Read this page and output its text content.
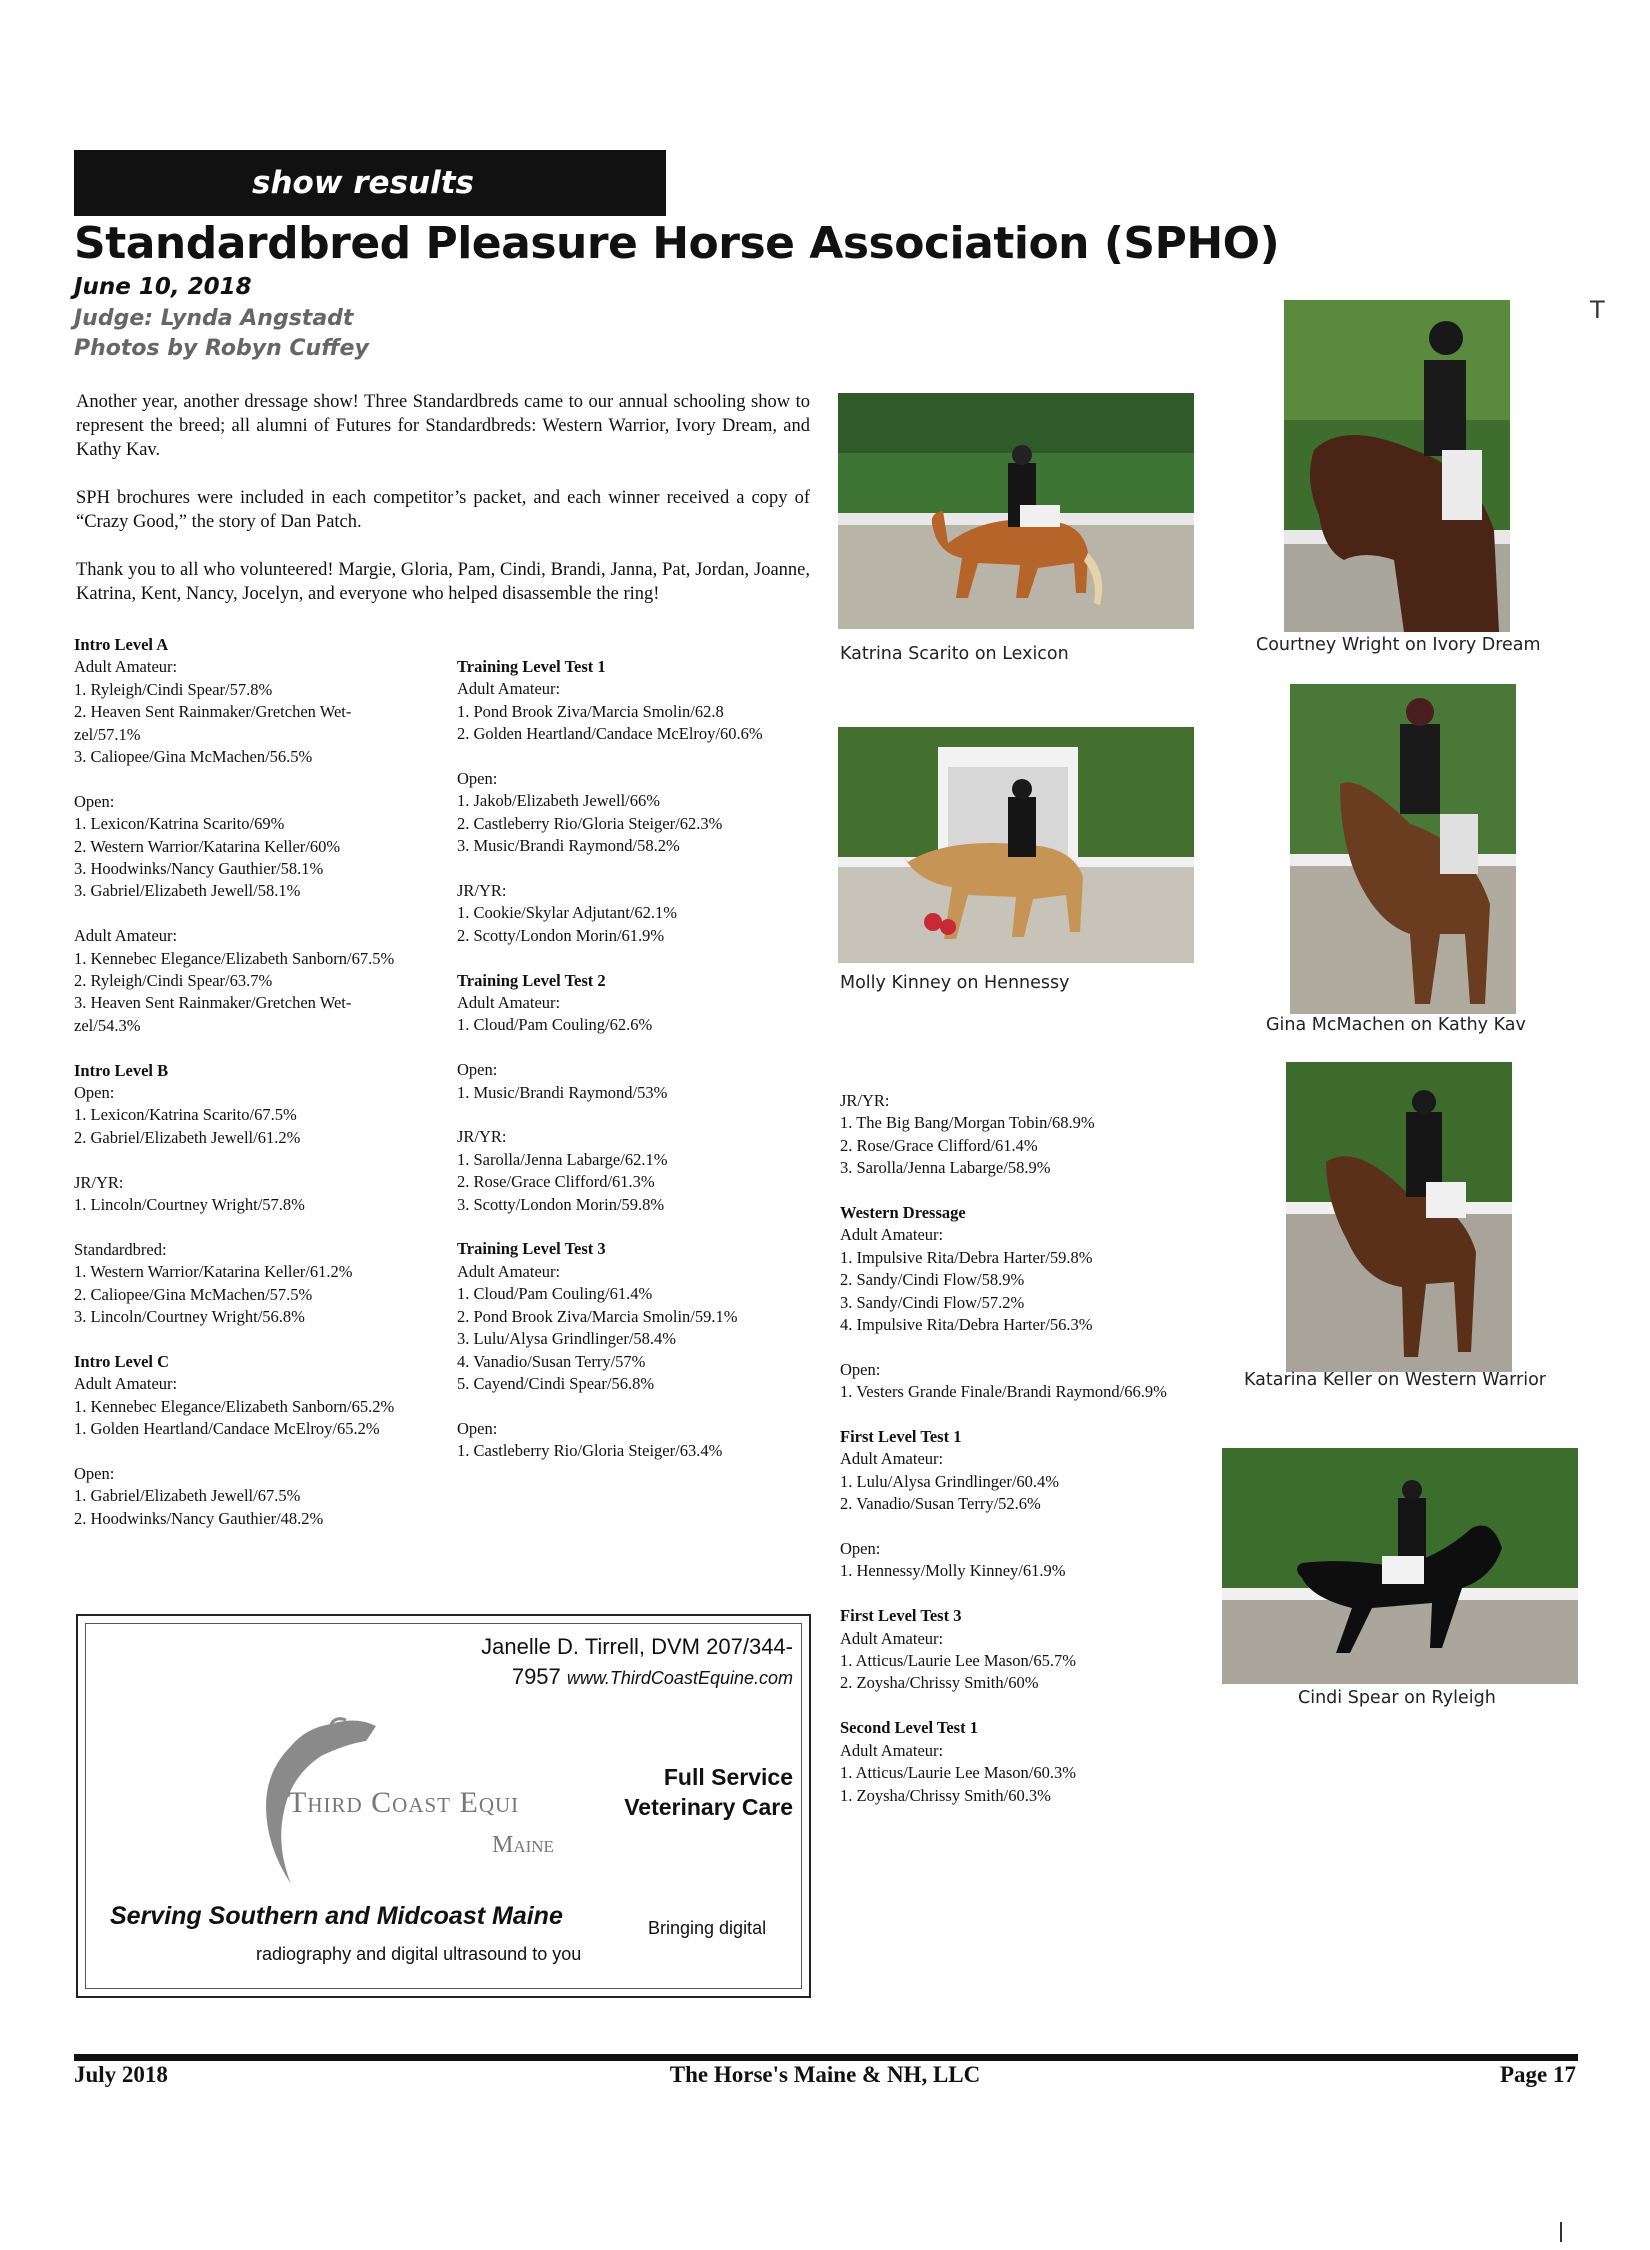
show results
Standardbred Pleasure Horse Association (SPHO)
June 10, 2018
Judge: Lynda Angstadt
Photos by Robyn Cuffey
T

Another year, another dressage show! Three Standardbreds came to our annual schooling show to represent the breed; all alumni of Futures for Standardbreds: Western Warrior, Ivory Dream, and Kathy Kav.

SPH brochures were included in each competitor’s packet, and each winner received a copy of “Crazy Good,” the story of Dan Patch.

Thank you to all who volunteered! Margie, Gloria, Pam, Cindi, Brandi, Janna, Pat, Jordan, Joanne, Katrina, Kent, Nancy, Jocelyn, and everyone who helped disassemble the ring!

Intro Level A
Adult Amateur:
1. Ryleigh/Cindi Spear/57.8%
2. Heaven Sent Rainmaker/Gretchen Wet-
zel/57.1%
3. Caliopee/Gina McMachen/56.5%
Open:
1. Lexicon/Katrina Scarito/69%
2. Western Warrior/Katarina Keller/60%
3. Hoodwinks/Nancy Gauthier/58.1%
3. Gabriel/Elizabeth Jewell/58.1%
Adult Amateur:
1. Kennebec Elegance/Elizabeth Sanborn/67.5%
2. Ryleigh/Cindi Spear/63.7%
3. Heaven Sent Rainmaker/Gretchen Wet-
zel/54.3%
Intro Level B
Open:
1. Lexicon/Katrina Scarito/67.5%
2. Gabriel/Elizabeth Jewell/61.2%
JR/YR:
1. Lincoln/Courtney Wright/57.8%
Standardbred:
1. Western Warrior/Katarina Keller/61.2%
2. Caliopee/Gina McMachen/57.5%
3. Lincoln/Courtney Wright/56.8%
Intro Level C
Adult Amateur:
1. Kennebec Elegance/Elizabeth Sanborn/65.2%
1. Golden Heartland/Candace McElroy/65.2%
Open:
1. Gabriel/Elizabeth Jewell/67.5%
2. Hoodwinks/Nancy Gauthier/48.2%
Training Level Test 1
Adult Amateur:
1. Pond Brook Ziva/Marcia Smolin/62.8
2. Golden Heartland/Candace McElroy/60.6%
Open:
1. Jakob/Elizabeth Jewell/66%
2. Castleberry Rio/Gloria Steiger/62.3%
3. Music/Brandi Raymond/58.2%
JR/YR:
1. Cookie/Skylar Adjutant/62.1%
2. Scotty/London Morin/61.9%
Training Level Test 2
Adult Amateur:
1. Cloud/Pam Couling/62.6%
Open:
1. Music/Brandi Raymond/53%
JR/YR:
1. Sarolla/Jenna Labarge/62.1%
2. Rose/Grace Clifford/61.3%
3. Scotty/London Morin/59.8%
Training Level Test 3
Adult Amateur:
1. Cloud/Pam Couling/61.4%
2. Pond Brook Ziva/Marcia Smolin/59.1%
3. Lulu/Alysa Grindlinger/58.4%
4. Vanadio/Susan Terry/57%
5. Cayend/Cindi Spear/56.8%
Open:
1. Castleberry Rio/Gloria Steiger/63.4%
JR/YR:
1. The Big Bang/Morgan Tobin/68.9%
2. Rose/Grace Clifford/61.4%
3. Sarolla/Jenna Labarge/58.9%
Western Dressage
Adult Amateur:
1. Impulsive Rita/Debra Harter/59.8%
2. Sandy/Cindi Flow/58.9%
3. Sandy/Cindi Flow/57.2%
4. Impulsive Rita/Debra Harter/56.3%
Open:
1. Vesters Grande Finale/Brandi Raymond/66.9%
First Level Test 1
Adult Amateur:
1. Lulu/Alysa Grindlinger/60.4%
2. Vanadio/Susan Terry/52.6%
Open:
1. Hennessy/Molly Kinney/61.9%
First Level Test 3
Adult Amateur:
1. Atticus/Laurie Lee Mason/65.7%
2. Zoysha/Chrissy Smith/60%
Second Level Test 1
Adult Amateur:
1. Atticus/Laurie Lee Mason/60.3%
1. Zoysha/Chrissy Smith/60.3%
Katrina Scarito on Lexicon	Courtney Wright on Ivory Dream
Molly Kinney on Hennessy
Gina McMachen on Kathy Kav
Katarina Keller on Western Warrior
Cindi Spear on Ryleigh
Janelle D. Tirrell, DVM 207/344-
7957 www.ThirdCoastEquine.com
Third Coast Equi
Maine
Full Service
Veterinary Care
Serving Southern and Midcoast Maine	Bringing digital
radiography and digital ultrasound to you
July 2018	The Horse's Maine & NH, LLC	Page 17
